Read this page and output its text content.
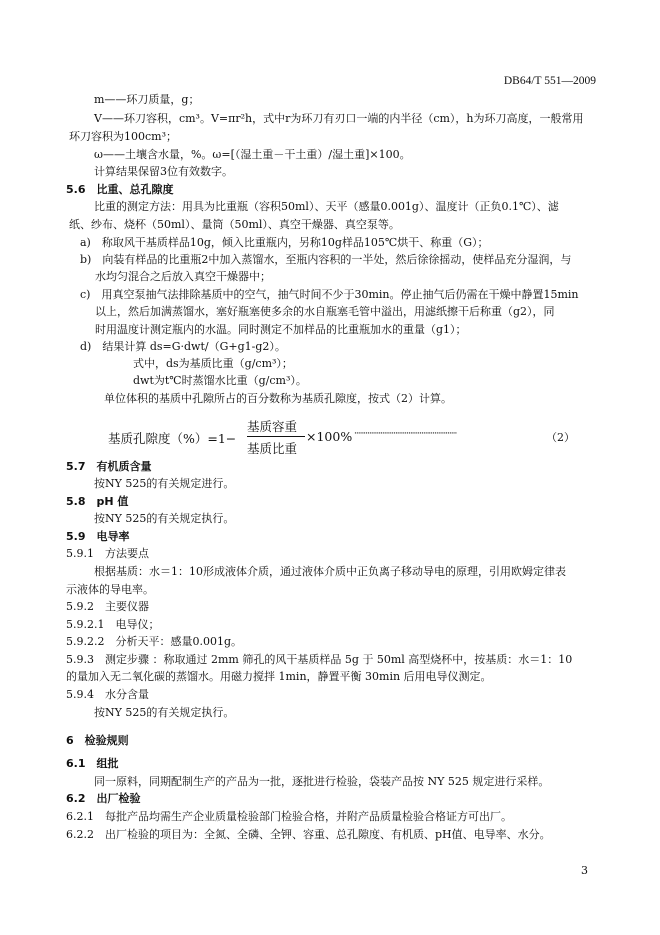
DB64/T 551—2009
m——环刀质量，g；
V——环刀容积，cm³。V=πr²h，式中r为环刀有刃口一端的内半径（cm），h为环刀高度，一般常用
环刀容积为100cm³；
ω——土壤含水量，%。ω=[（湿土重－干土重）/湿土重]×100。
计算结果保留3位有效数字。
5.6　比重、总孔隙度
比重的测定方法：用具为比重瓶（容积50ml）、天平（感量0.001g）、温度计（正负0.1℃）、滤
纸、纱布、烧杯（50ml）、量筒（50ml）、真空干燥器、真空泵等。
a)　称取风干基质样品10g，倾入比重瓶内，另称10g样品105℃烘干、称重（G）；
b)　向装有样品的比重瓶2中加入蒸馏水，至瓶内容积的一半处，然后徐徐摇动，使样品充分湿润，与
水均匀混合之后放入真空干燥器中；
c)　用真空泵抽气法排除基质中的空气，抽气时间不少于30min。停止抽气后仍需在干燥中静置15min
以上，然后加满蒸馏水，塞好瓶塞使多余的水自瓶塞毛管中溢出，用滤纸擦干后称重（g2），同
时用温度计测定瓶内的水温。同时测定不加样品的比重瓶加水的重量（g1）；
d)　结果计算 ds=G·dwt/（G+g1-g2）。
式中，ds为基质比重（g/cm³）；
dwt为t℃时蒸馏水比重（g/cm³）。
单位体积的基质中孔隙所占的百分数称为基质孔隙度，按式（2）计算。
基质孔隙度（%）=1−
基质容重
基质比重
×100% ·······················································	（2）
5.7　有机质含量
按NY 525的有关规定进行。
5.8　pH 值
按NY 525的有关规定执行。
5.9　电导率
5.9.1　方法要点
根据基质：水＝1：10形成液体介质，通过液体介质中正负离子移动导电的原理，引用欧姆定律表
示液体的导电率。
5.9.2　主要仪器
5.9.2.1　电导仪；
5.9.2.2　分析天平：感量0.001g。
5.9.3　测定步骤 ：称取通过 2mm 筛孔的风干基质样品 5g 于 50ml 高型烧杯中，按基质：水＝1：10
的量加入无二氧化碳的蒸馏水。用磁力搅拌 1min，静置平衡 30min 后用电导仪测定。
5.9.4　水分含量
按NY 525的有关规定执行。
6　检验规则
6.1　组批
同一原料，同期配制生产的产品为一批，逐批进行检验，袋装产品按 NY 525 规定进行采样。
6.2　出厂检验
6.2.1　每批产品均需生产企业质量检验部门检验合格，并附产品质量检验合格证方可出厂。
6.2.2　出厂检验的项目为：全氮、全磷、全钾、容重、总孔隙度、有机质、pH值、电导率、水分。
3
